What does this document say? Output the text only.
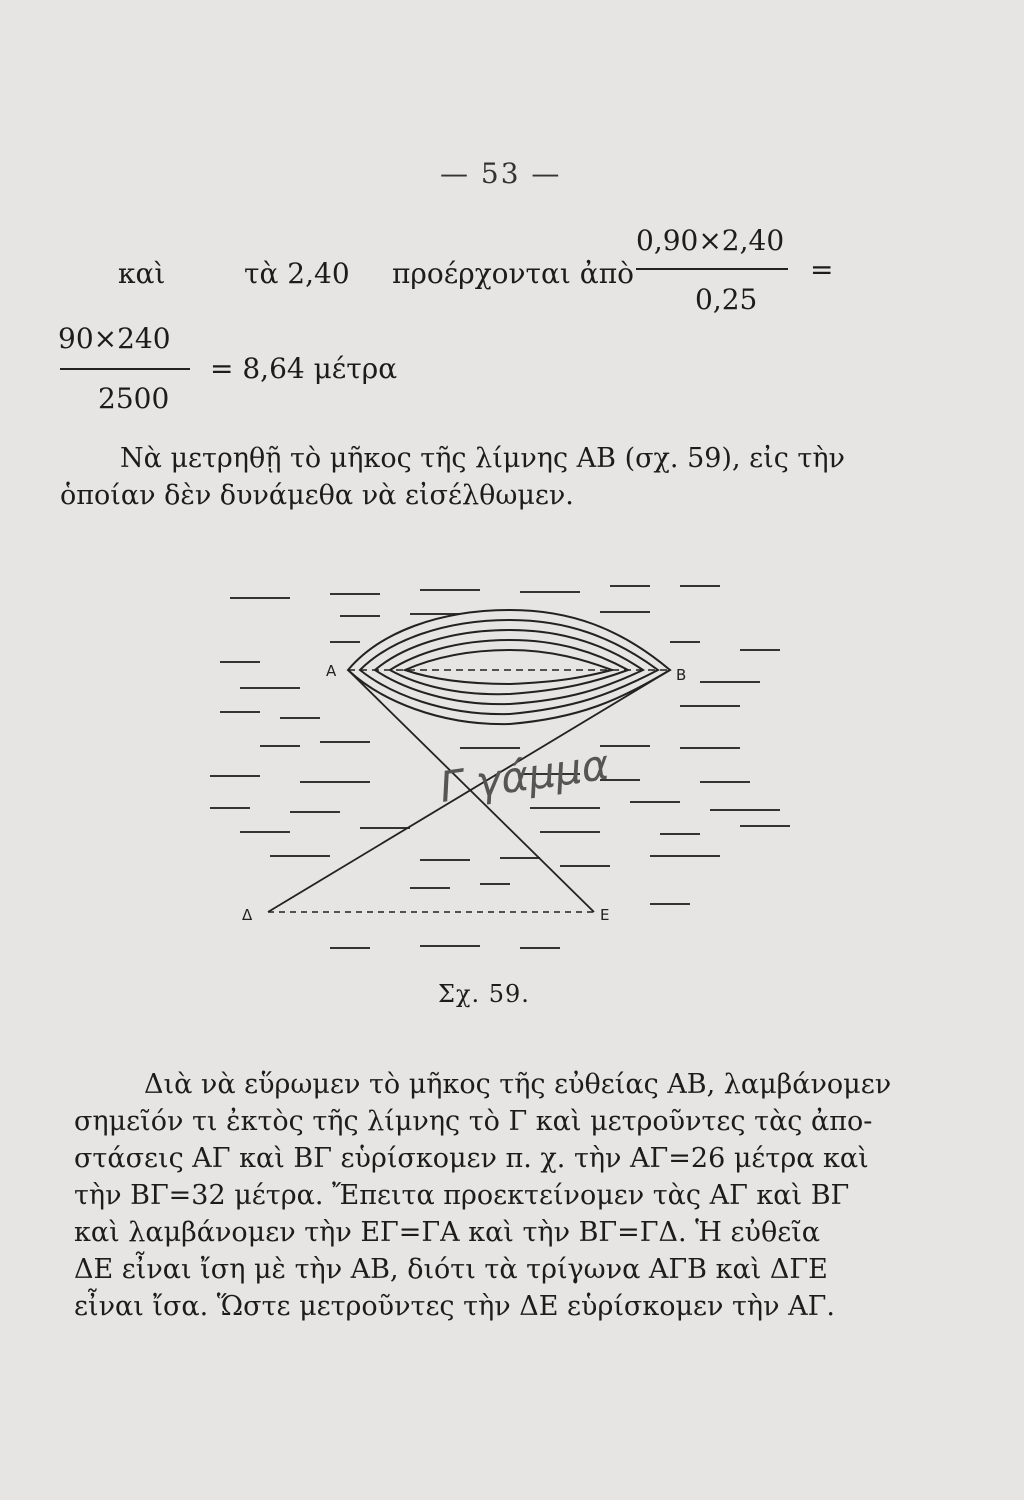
— 53 —
καὶ	τὰ 2,40 προέρχονται ἀπὸ
0,90×2,40
0,25
=
90×240
2500
= 8,64 μέτρα
Νὰ μετρηθῇ τὸ μῆκος τῆς λίμνης ΑΒ (σχ. 59), εἰς τὴν
ὁποίαν δὲν δυνάμεθα νὰ εἰσέλθωμεν.
A	B
Δ	E
Γ γάμμα
Σχ. 59.
Διὰ νὰ εὕρωμεν τὸ μῆκος τῆς εὐθείας ΑΒ, λαμβάνομεν
σημεῖόν τι ἐκτὸς τῆς λίμνης τὸ Γ καὶ μετροῦντες τὰς ἀπο-
στάσεις ΑΓ καὶ ΒΓ εὑρίσκομεν π. χ. τὴν ΑΓ=26 μέτρα καὶ
τὴν ΒΓ=32 μέτρα. Ἔπειτα προεκτείνομεν τὰς ΑΓ καὶ ΒΓ
καὶ λαμβάνομεν τὴν ΕΓ=ΓΑ καὶ τὴν ΒΓ=ΓΔ. Ἡ εὐθεῖα
ΔΕ εἶναι ἴση μὲ τὴν ΑΒ, διότι τὰ τρίγωνα ΑΓΒ καὶ ΔΓΕ
εἶναι ἴσα. Ὥστε μετροῦντες τὴν ΔΕ εὑρίσκομεν τὴν ΑΓ.
